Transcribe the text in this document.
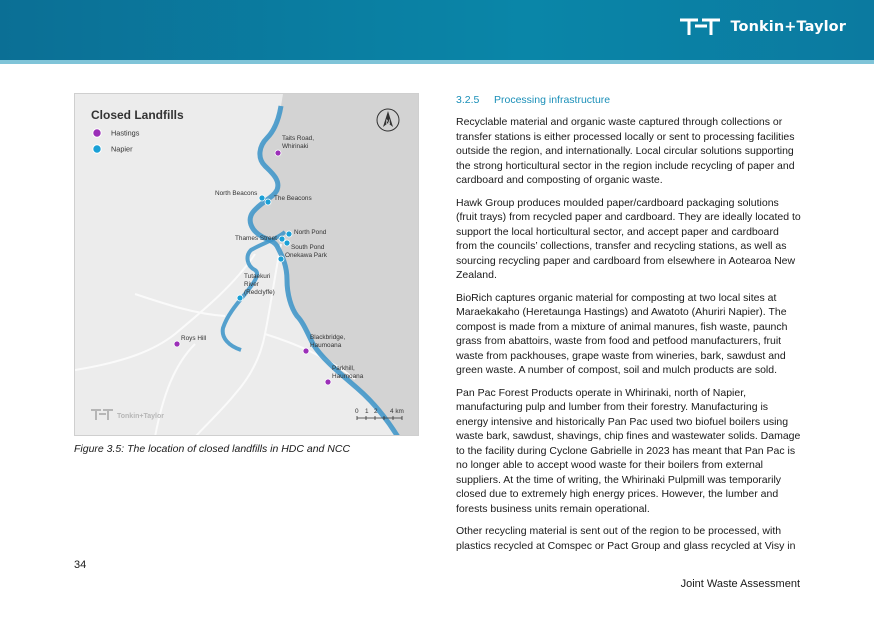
Tonkin+Taylor
Closed Landfills
Hastings
Napier
N
Taits Road,
Whirinaki
North Beacons
The Beacons
North Pond
Thames Street
South Pond
Onekawa Park
Tutaekuri
River
(Redclyffe)
Roys Hill	Blackbridge,
Haumoana
Parkhill,
Haumoana
0 1 2 4 km
Tonkin+Taylor
Figure 3.5: The location of closed landfills in HDC and NCC

3.2.5 Processing infrastructure

Recyclable material and organic waste captured through collections or transfer stations is either processed locally or sent to processing facilities outside the region, and internationally. Local circular solutions supporting the strong horticultural sector in the region include recycling of paper and cardboard and composting of organic waste.

Hawk Group produces moulded paper/cardboard packaging solutions (fruit trays) from recycled paper and cardboard. They are ideally located to support the local horticultural sector, and accept paper and cardboard from the councils’ collections, transfer and recycling stations, as well as sourcing recycling paper and cardboard from elsewhere in Aotearoa New Zealand.

BioRich captures organic material for composting at two local sites at Maraekakaho (Heretaunga Hastings) and Awatoto (Ahuriri Napier). The compost is made from a mixture of animal manures, fish waste, paunch grass from abattoirs, waste from food and petfood manufacturers, fruit waste from packhouses, grape waste from wineries, bark, sawdust and green waste. A number of compost, soil and mulch products are sold.

Pan Pac Forest Products operate in Whirinaki, north of Napier, manufacturing pulp and lumber from their forestry. Manufacturing is energy intensive and historically Pan Pac used two biofuel boilers using waste bark, sawdust, shavings, chip fines and wastewater solids. Damage to the facility during Cyclone Gabrielle in 2023 has meant that Pan Pac is no longer able to accept wood waste for their boilers from external suppliers. At the time of writing, the Whirinaki Pulpmill was temporarily closed due to extremely high energy prices. However, the lumber and forests business units remain operational.

Other recycling material is sent out of the region to be processed, with plastics recycled at Comspec or Pact Group and glass recycled at Visy in

34
Joint Waste Assessment
